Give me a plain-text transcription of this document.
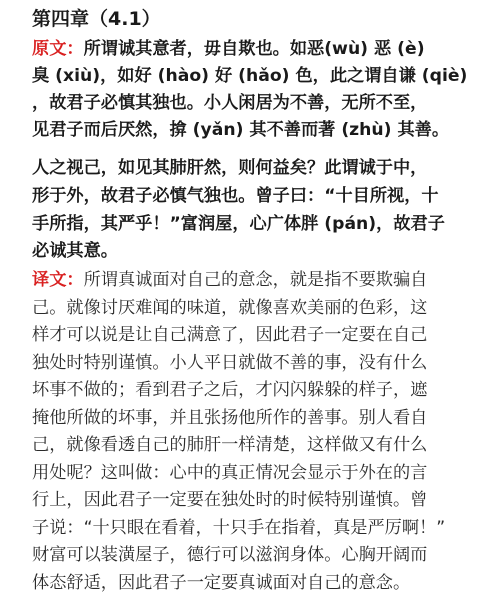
第四章（4.1）
原文：所谓诚其意者，毋自欺也。如恶(wù) 恶 (è)
臭 (xiù)，如好 (hào) 好 (hǎo) 色，此之谓自谦 (qiè)
，故君子必慎其独也。小人闲居为不善，无所不至，
见君子而后厌然，揜 (yǎn) 其不善而著 (zhù) 其善。
人之视己，如见其肺肝然，则何益矣？此谓诚于中，
形于外，故君子必慎气独也。曾子曰：“十目所视，十
手所指，其严乎！”富润屋，心广体胖 (pán)，故君子
必诚其意。
译文：所谓真诚面对自己的意念，就是指不要欺骗自
己。就像讨厌难闻的味道，就像喜欢美丽的色彩，这
样才可以说是让自己满意了，因此君子一定要在自己
独处时特别谨慎。小人平日就做不善的事，没有什么
坏事不做的；看到君子之后，才闪闪躲躲的样子，遮
掩他所做的坏事，并且张扬他所作的善事。别人看自
己，就像看透自己的肺肝一样清楚，这样做又有什么
用处呢？这叫做：心中的真正情况会显示于外在的言
行上，因此君子一定要在独处时的时候特别谨慎。曾
子说：“十只眼在看着，十只手在指着，真是严厉啊！”
财富可以装潢屋子，德行可以滋润身体。心胸开阔而
体态舒适，因此君子一定要真诚面对自己的意念。
